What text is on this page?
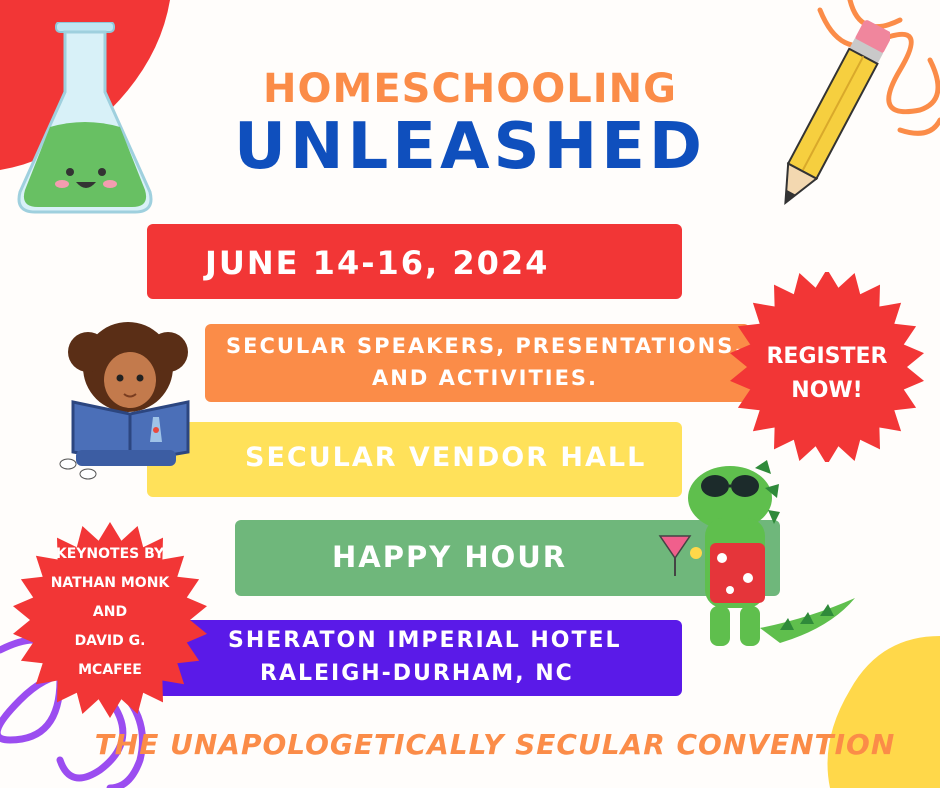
HOMESCHOOLING
UNLEASHED
JUNE 14-16, 2024
SECULAR SPEAKERS, PRESENTATIONS,
AND ACTIVITIES.
SECULAR VENDOR HALL
HAPPY HOUR
SHERATON IMPERIAL HOTEL
RALEIGH-DURHAM, NC
REGISTER
NOW!
KEYNOTES BY
NATHAN MONK
AND
DAVID G.
MCAFEE
THE UNAPOLOGETICALLY SECULAR CONVENTION
